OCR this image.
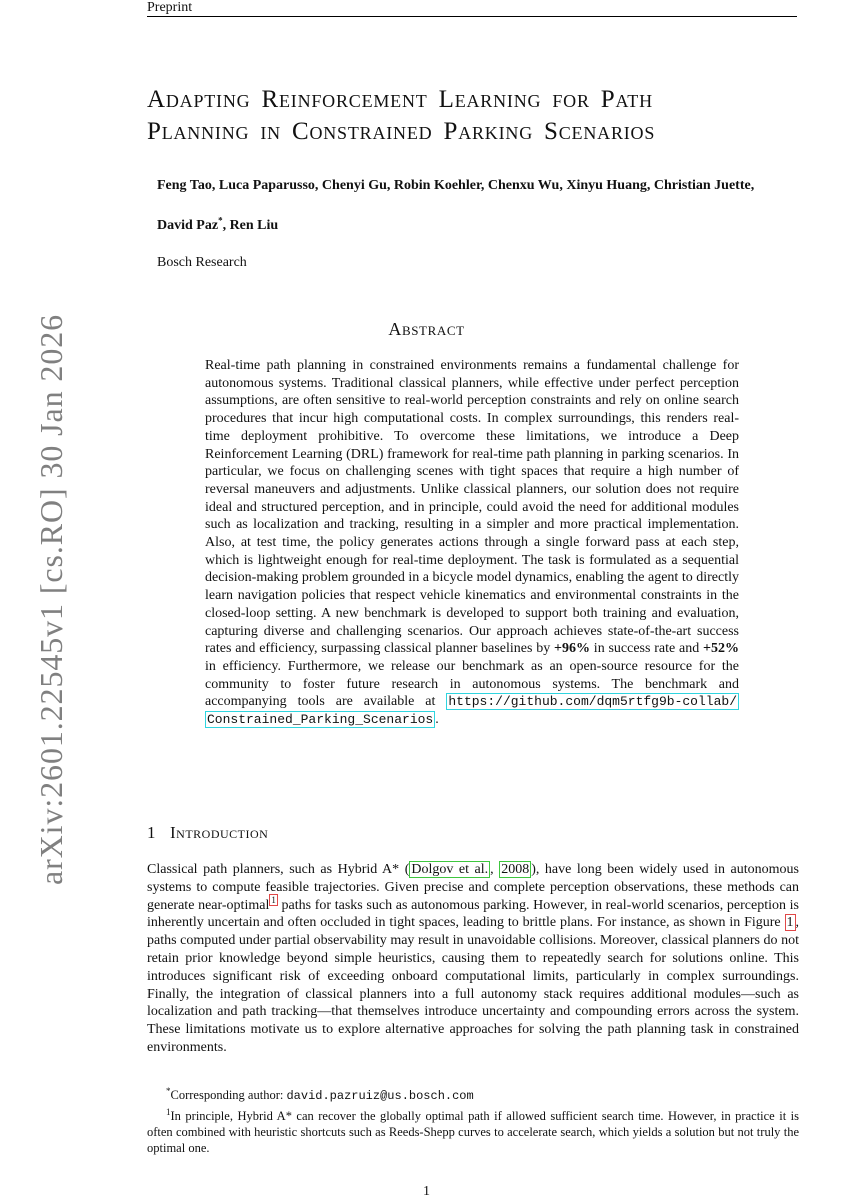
Preprint
Adapting Reinforcement Learning for Path
Planning in Constrained Parking Scenarios
Feng Tao, Luca Paparusso, Chenyi Gu, Robin Koehler, Chenxu Wu, Xinyu Huang, Christian Juette,
David Paz*, Ren Liu
Bosch Research
arXiv:2601.22545v1 [cs.RO] 30 Jan 2026	Abstract
Real-time path planning in constrained environments remains a fundamental challenge for autonomous systems. Traditional classical planners, while effective under perfect perception assumptions, are often sensitive to real-world perception constraints and rely on online search procedures that incur high computational costs. In complex surroundings, this renders real-time deployment prohibitive. To overcome these limitations, we introduce a Deep Reinforcement Learning (DRL) framework for real-time path planning in parking scenarios. In particular, we focus on challenging scenes with tight spaces that require a high number of reversal maneuvers and adjustments. Unlike classical planners, our solution does not require ideal and structured perception, and in principle, could avoid the need for additional modules such as localization and tracking, resulting in a simpler and more practical implementation. Also, at test time, the policy generates actions through a single forward pass at each step, which is lightweight enough for real-time deployment. The task is formulated as a sequential decision-making problem grounded in a bicycle model dynamics, enabling the agent to directly learn navigation policies that respect vehicle kinematics and environmental constraints in the closed-loop setting. A new benchmark is developed to support both training and evaluation, capturing diverse and challenging scenarios. Our approach achieves state-of-the-art success rates and efficiency, surpassing classical planner baselines by +96% in success rate and +52% in efficiency. Furthermore, we release our benchmark as an open-source resource for the community to foster future research in autonomous systems. The benchmark and accompanying tools are available at https://github.com/dqm5rtfg9b-collab/ Constrained_Parking_Scenarios .
1 Introduction
Classical path planners, such as Hybrid A* ( Dolgov et al. , 2008 ), have long been widely used in autonomous systems to compute feasible trajectories. Given precise and complete perception observations, these methods can generate near-optimal $^1$ paths for tasks such as autonomous parking. However, in real-world scenarios, perception is inherently uncertain and often occluded in tight spaces, leading to brittle plans. For instance, as shown in Figure 1 , paths computed under partial observability may result in unavoidable collisions. Moreover, classical planners do not retain prior knowledge beyond simple heuristics, causing them to repeatedly search for solutions online. This introduces significant risk of exceeding onboard computational limits, particularly in complex surroundings. Finally, the integration of classical planners into a full autonomy stack requires additional modules—such as localization and path tracking—that themselves introduce uncertainty and compounding errors across the system. These limitations motivate us to explore alternative approaches for solving the path planning task in constrained environments.
*Corresponding author: david.pazruiz@us.bosch.com
$^1$In principle, Hybrid A* can recover the globally optimal path if allowed sufficient search time. However, in practice it is often combined with heuristic shortcuts such as Reeds-Shepp curves to accelerate search, which yields a solution but not truly the optimal one.
1
